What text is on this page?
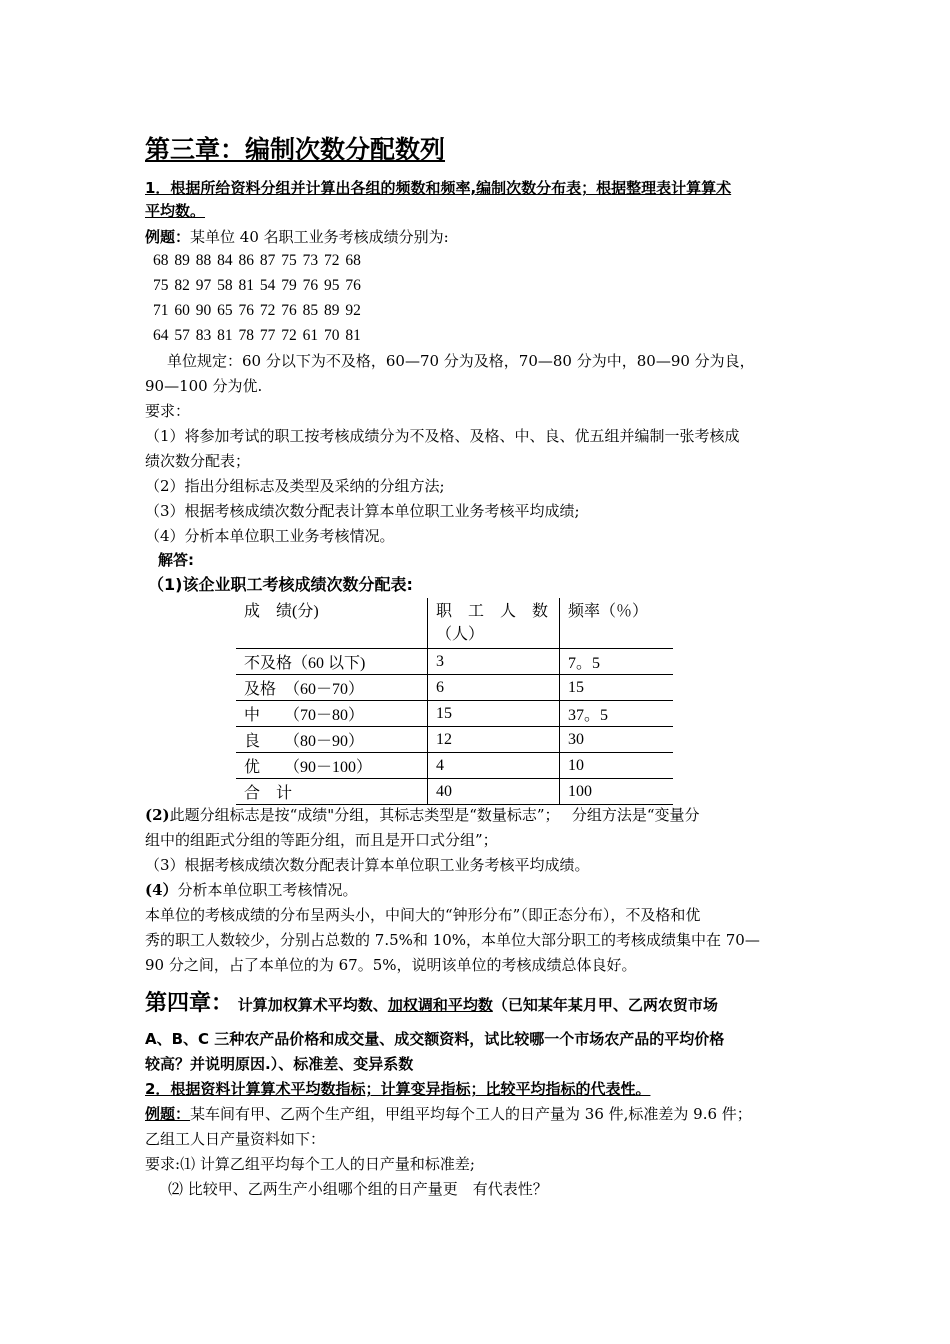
第三章：编制次数分配数列
1．根据所给资料分组并计算出各组的频数和频率,编制次数分布表；根据整理表计算算术
平均数。
例题：某单位 40 名职工业务考核成绩分别为:
68 89 88 84 86 87 75 73 72 68
75 82 97 58 81 54 79 76 95 76
71 60 90 65 76 72 76 85 89 92
64 57 83 81 78 77 72 61 70 81
单位规定：60 分以下为不及格，60—70 分为及格，70—80 分为中，80—90 分为良，
90—100 分为优.
要求：
（1）将参加考试的职工按考核成绩分为不及格、及格、中、良、优五组并编制一张考核成
绩次数分配表；
（2）指出分组标志及类型及采纳的分组方法;
（3）根据考核成绩次数分配表计算本单位职工业务考核平均成绩;
（4）分析本单位职工业务考核情况。
解答:
（1)该企业职工考核成绩次数分配表:
成　绩(分)	职　工　人　数（人）	频率（％）
不及格（60 以下)	3	7。5
及格　（60－70）	6	15
中　　（70－80）	15	37。5
良　　（80－90）	12	30
优　　（90－100）	4	10
合　计	40	100
(2)此题分组标志是按“成绩"分组，其标志类型是“数量标志”；　 分组方法是“变量分
组中的组距式分组的等距分组，而且是开口式分组”；
（3）根据考核成绩次数分配表计算本单位职工业务考核平均成绩。
(4）分析本单位职工考核情况。
本单位的考核成绩的分布呈两头小，中间大的“钟形分布”（即正态分布），不及格和优
秀的职工人数较少，分别占总数的 7.5%和 10%，本单位大部分职工的考核成绩集中在 70—
90 分之间，占了本单位的为 67。5%，说明该单位的考核成绩总体良好。
第四章： 计算加权算术平均数、加权调和平均数（已知某年某月甲、乙两农贸市场
A、B、C 三种农产品价格和成交量、成交额资料，试比较哪一个市场农产品的平均价格
较高？并说明原因.）、标准差、变异系数
2．根据资料计算算术平均数指标；计算变异指标；比较平均指标的代表性。
例题：某车间有甲、乙两个生产组，甲组平均每个工人的日产量为 36 件,标准差为 9.6 件；
乙组工人日产量资料如下：
要求:⑴ 计算乙组平均每个工人的日产量和标准差;
⑵ 比较甲、乙两生产小组哪个组的日产量更　有代表性？
